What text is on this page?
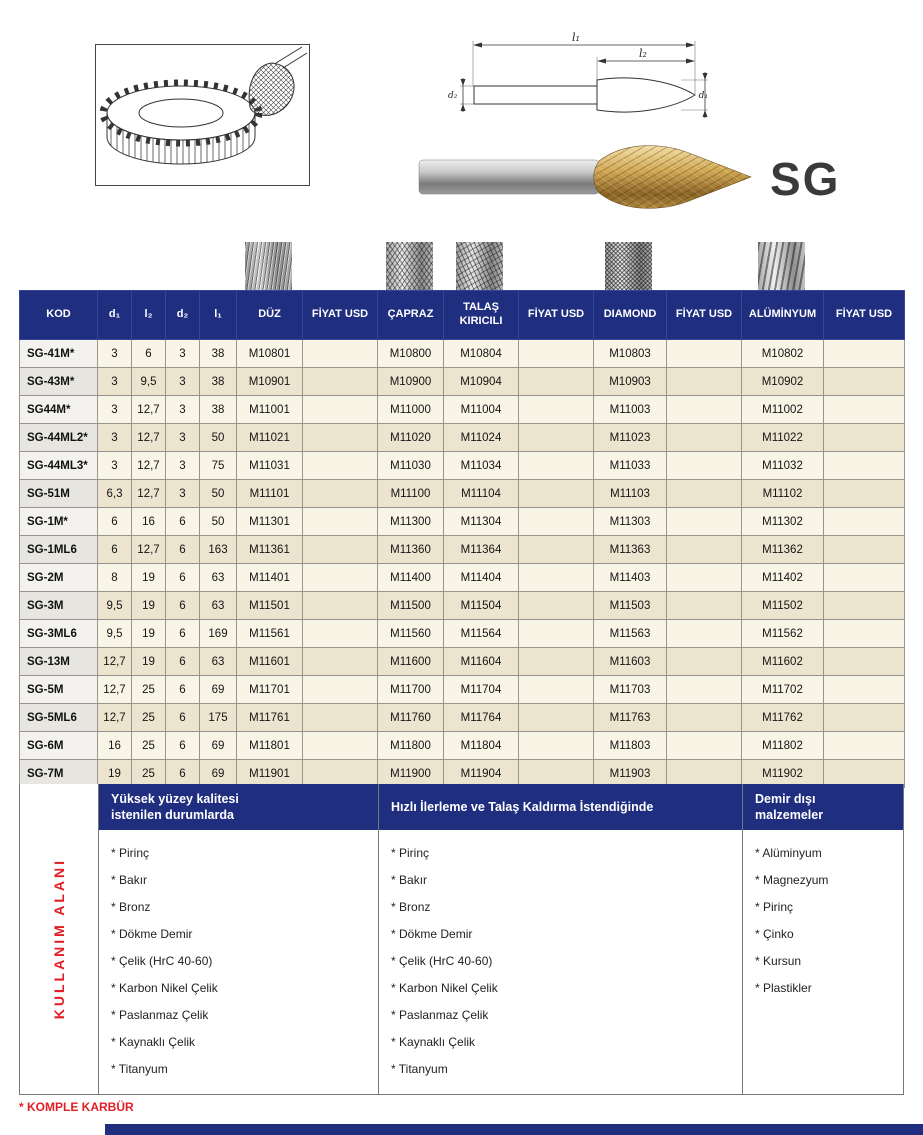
l₁
l₂
d₂	d₁
SG
KOD	d₁	l₂	d₂	l₁	DÜZ	FİYAT USD	ÇAPRAZ	TALAŞ KIRICILI	FİYAT USD	DIAMOND	FİYAT USD	ALÜMİNYUM	FİYAT USD
SG-41M*	3	6	3	38	M10801		M10800	M10804		M10803		M10802	
SG-43M*	3	9,5	3	38	M10901		M10900	M10904		M10903		M10902	
SG44M*	3	12,7	3	38	M11001		M11000	M11004		M11003		M11002	
SG-44ML2*	3	12,7	3	50	M11021		M11020	M11024		M11023		M11022	
SG-44ML3*	3	12,7	3	75	M11031		M11030	M11034		M11033		M11032	
SG-51M	6,3	12,7	3	50	M11101		M11100	M11104		M11103		M11102	
SG-1M*	6	16	6	50	M11301		M11300	M11304		M11303		M11302	
SG-1ML6	6	12,7	6	163	M11361		M11360	M11364		M11363		M11362	
SG-2M	8	19	6	63	M11401		M11400	M11404		M11403		M11402	
SG-3M	9,5	19	6	63	M11501		M11500	M11504		M11503		M11502	
SG-3ML6	9,5	19	6	169	M11561		M11560	M11564		M11563		M11562	
SG-13M	12,7	19	6	63	M11601		M11600	M11604		M11603		M11602	
SG-5M	12,7	25	6	69	M11701		M11700	M11704		M11703		M11702	
SG-5ML6	12,7	25	6	175	M11761		M11760	M11764		M11763		M11762	
SG-6M	16	25	6	69	M11801		M11800	M11804		M11803		M11802	
SG-7M	19	25	6	69	M11901		M11900	M11904		M11903		M11902	
KULLANIM ALANI
Yüksek yüzey kalitesi istenilen durumlarda
* Pirinç
* Bakır
* Bronz
* Dökme Demir
* Çelik (HrC 40-60)
* Karbon Nikel Çelik
* Paslanmaz Çelik
* Kaynaklı Çelik
* Titanyum
Hızlı İlerleme ve Talaş Kaldırma İstendiğinde
* Pirinç
* Bakır
* Bronz
* Dökme Demir
* Çelik (HrC 40-60)
* Karbon Nikel Çelik
* Paslanmaz Çelik
* Kaynaklı Çelik
* Titanyum
Demir dışı malzemeler
* Alüminyum
* Magnezyum
* Pirinç
* Çinko
* Kursun
* Plastikler
* KOMPLE KARBÜR
